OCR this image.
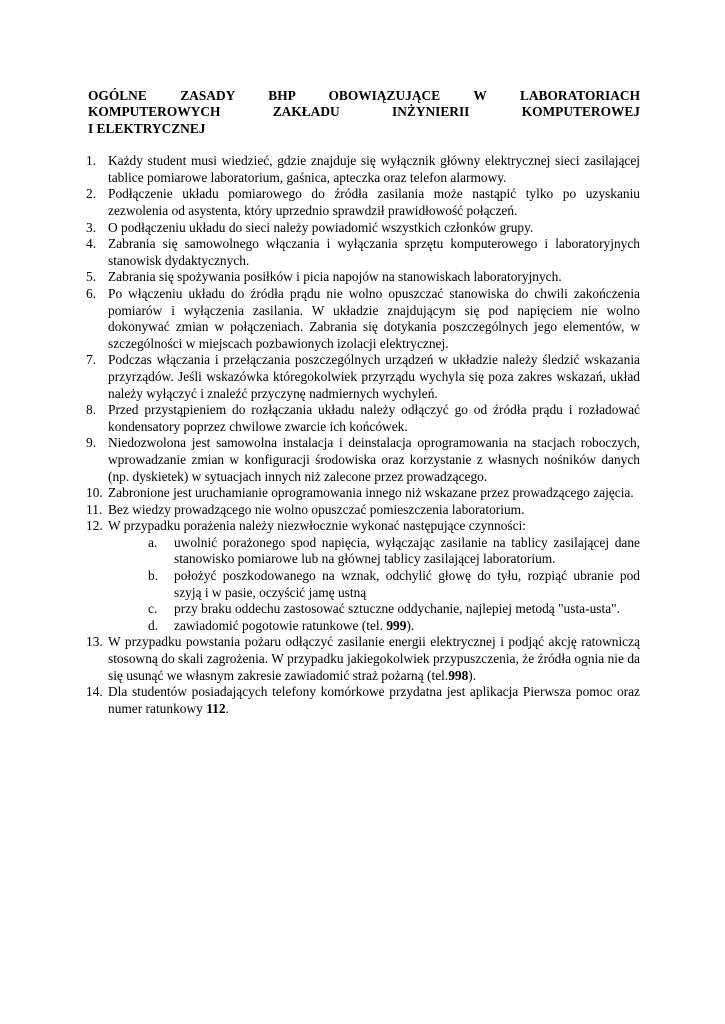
OGÓLNE ZASADY BHP OBOWIĄZUJĄCE W LABORATORIACH
KOMPUTEROWYCH ZAKŁADU INŻYNIERII KOMPUTEROWEJ
I ELEKTRYCZNEJ
1. Każdy student musi wiedzieć, gdzie znajduje się wyłącznik główny elektrycznej sieci zasilającej tablice pomiarowe laboratorium, gaśnica, apteczka oraz telefon alarmowy.
2. Podłączenie układu pomiarowego do źródła zasilania może nastąpić tylko po uzyskaniu zezwolenia od asystenta, który uprzednio sprawdził prawidłowość połączeń.
3. O podłączeniu układu do sieci należy powiadomić wszystkich członków grupy.
4. Zabrania się samowolnego włączania i wyłączania sprzętu komputerowego i laboratoryjnych stanowisk dydaktycznych.
5. Zabrania się spożywania posiłków i picia napojów na stanowiskach laboratoryjnych.
6. Po włączeniu układu do źródła prądu nie wolno opuszczać stanowiska do chwili zakończenia pomiarów i wyłączenia zasilania. W układzie znajdującym się pod napięciem nie wolno dokonywać zmian w połączeniach. Zabrania się dotykania poszczególnych jego elementów, w szczególności w miejscach pozbawionych izolacji elektrycznej.
7. Podczas włączania i przełączania poszczególnych urządzeń w układzie należy śledzić wskazania przyrządów. Jeśli wskazówka któregokolwiek przyrządu wychyla się poza zakres wskazań, układ należy wyłączyć i znaleźć przyczynę nadmiernych wychyleń.
8. Przed przystąpieniem do rozłączania układu należy odłączyć go od źródła prądu i rozładować kondensatory poprzez chwilowe zwarcie ich końcówek.
9. Niedozwolona jest samowolna instalacja i deinstalacja oprogramowania na stacjach roboczych, wprowadzanie zmian w konfiguracji środowiska oraz korzystanie z własnych nośników danych (np. dyskietek) w sytuacjach innych niż zalecone przez prowadzącego.
10. Zabronione jest uruchamianie oprogramowania innego niż wskazane przez prowadzącego zajęcia.
11. Bez wiedzy prowadzącego nie wolno opuszczać pomieszczenia laboratorium.
12. W przypadku porażenia należy niezwłocznie wykonać następujące czynności:
a. uwolnić porażonego spod napięcia, wyłączając zasilanie na tablicy zasilającej dane stanowisko pomiarowe lub na głównej tablicy zasilającej laboratorium.
b. położyć poszkodowanego na wznak, odchylić głowę do tyłu, rozpiąć ubranie pod szyją i w pasie, oczyścić jamę ustną
c. przy braku oddechu zastosować sztuczne oddychanie, najlepiej metodą "usta-usta".
d. zawiadomić pogotowie ratunkowe (tel. 999).
13. W przypadku powstania pożaru odłączyć zasilanie energii elektrycznej i podjąć akcję ratowniczą stosowną do skali zagrożenia. W przypadku jakiegokolwiek przypuszczenia, że źródła ognia nie da się usunąć we własnym zakresie zawiadomić straż pożarną (tel.998).
14. Dla studentów posiadających telefony komórkowe przydatna jest aplikacja Pierwsza pomoc oraz numer ratunkowy 112.
